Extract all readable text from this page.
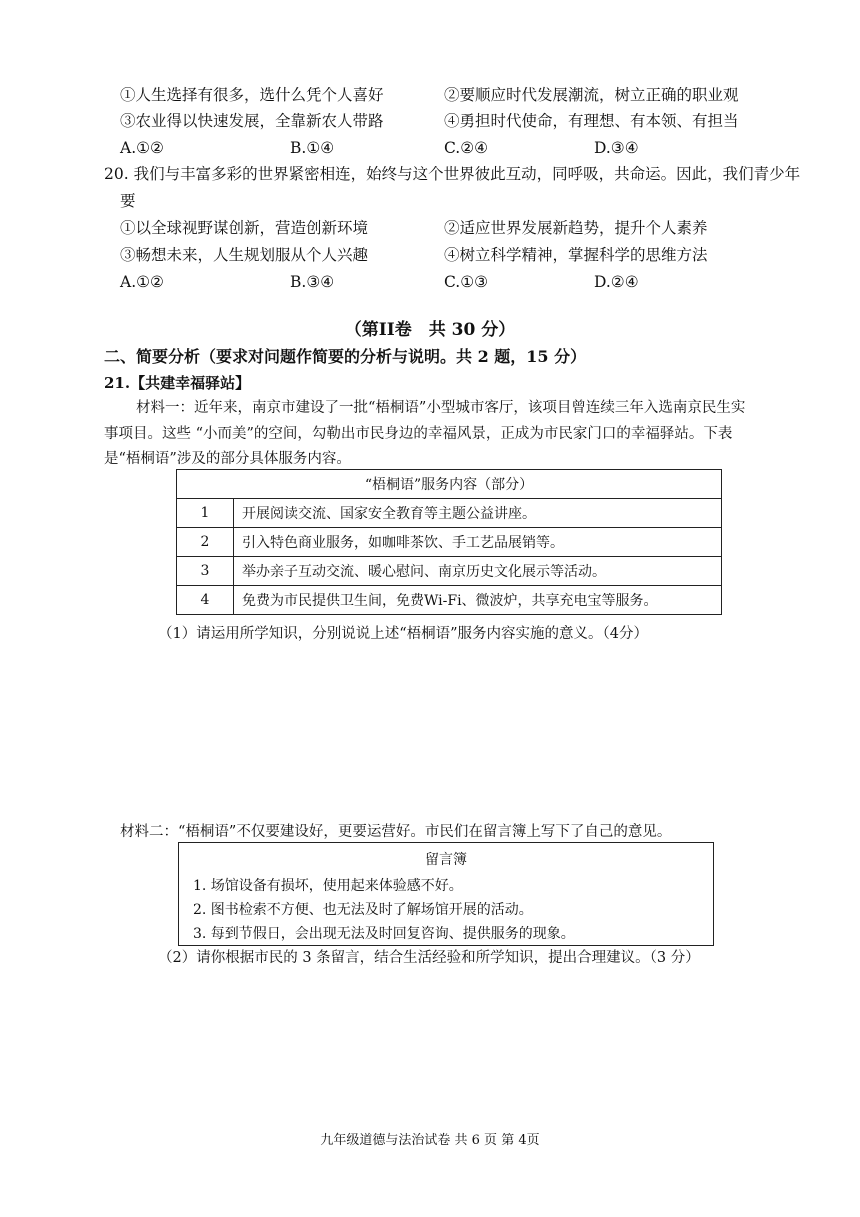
①人生选择有很多，选什么凭个人喜好	②要顺应时代发展潮流，树立正确的职业观
③农业得以快速发展，全靠新农人带路	④勇担时代使命，有理想、有本领、有担当
A.①②	B.①④	C.②④	D.③④
20. 我们与丰富多彩的世界紧密相连，始终与这个世界彼此互动，同呼吸，共命运。因此，我们青少年
要
①以全球视野谋创新，营造创新环境	②适应世界发展新趋势，提升个人素养
③畅想未来，人生规划服从个人兴趣	④树立科学精神，掌握科学的思维方法
A.①②	B.③④	C.①③	D.②④
（第II卷　共 30 分）
二、简要分析（要求对问题作简要的分析与说明。共 2 题，15 分）
21.【共建幸福驿站】
材料一：近年来，南京市建设了一批“梧桐语”小型城市客厅，该项目曾连续三年入选南京民生实
事项目。这些 “小而美”的空间，勾勒出市民身边的幸福风景，正成为市民家门口的幸福驿站。下表
是“梧桐语”涉及的部分具体服务内容。
“梧桐语”服务内容（部分）	
1	开展阅读交流、国家安全教育等主题公益讲座。
2	引入特色商业服务，如咖啡茶饮、手工艺品展销等。
3	举办亲子互动交流、暖心慰问、南京历史文化展示等活动。
4	免费为市民提供卫生间，免费Wi-Fi、微波炉，共享充电宝等服务。
（1）请运用所学知识，分别说说上述“梧桐语”服务内容实施的意义。（4分）
材料二：“梧桐语”不仅要建设好，更要运营好。市民们在留言簿上写下了自己的意见。
留言簿
1. 场馆设备有损坏，使用起来体验感不好。
2. 图书检索不方便、也无法及时了解场馆开展的活动。
3. 每到节假日，会出现无法及时回复咨询、提供服务的现象。
（2）请你根据市民的 3 条留言，结合生活经验和所学知识，提出合理建议。（3 分）
九年级道德与法治试卷 共 6 页 第 4页
